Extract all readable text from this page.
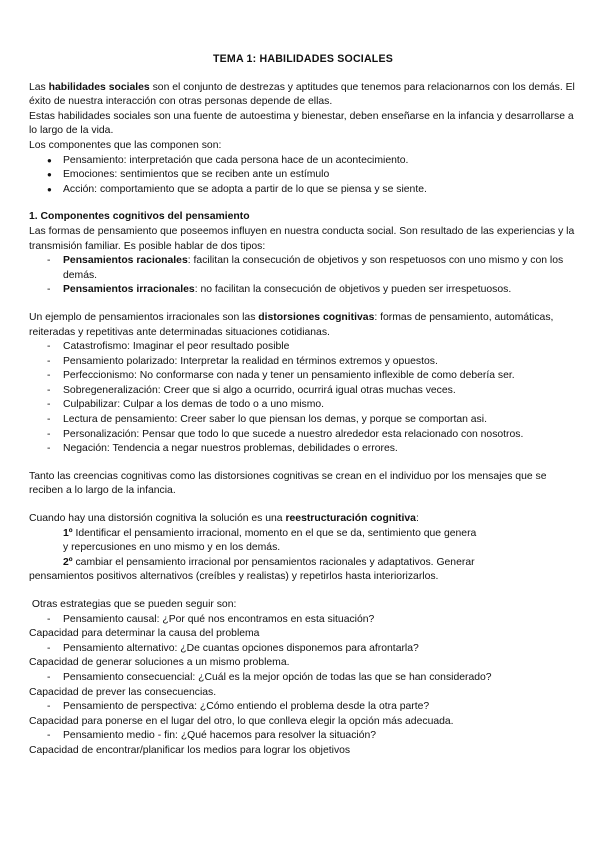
TEMA 1: HABILIDADES SOCIALES

Las habilidades sociales son el conjunto de destrezas y aptitudes que tenemos para relacionarnos con los demás. El éxito de nuestra interacción con otras personas depende de ellas.

Estas habilidades sociales son una fuente de autoestima y bienestar, deben enseñarse en la infancia y desarrollarse a lo largo de la vida.

Los componentes que las componen son:

● Pensamiento: interpretación que cada persona hace de un acontecimiento.
● Emociones: sentimientos que se reciben ante un estímulo
● Acción: comportamiento que se adopta a partir de lo que se piensa y se siente.

1. Componentes cognitivos del pensamiento

Las formas de pensamiento que poseemos influyen en nuestra conducta social. Son resultado de las experiencias y la transmisión familiar. Es posible hablar de dos tipos:

- Pensamientos racionales: facilitan la consecución de objetivos y son respetuosos con uno mismo y con los demás.
- Pensamientos irracionales: no facilitan la consecución de objetivos y pueden ser irrespetuosos.

Un ejemplo de pensamientos irracionales son las distorsiones cognitivas: formas de pensamiento, automáticas, reiteradas y repetitivas ante determinadas situaciones cotidianas.

- Catastrofismo: Imaginar el peor resultado posible
- Pensamiento polarizado: Interpretar la realidad en términos extremos y opuestos.
- Perfeccionismo: No conformarse con nada y tener un pensamiento inflexible de como debería ser.
- Sobregeneralización: Creer que si algo a ocurrido, ocurrirá igual otras muchas veces.
- Culpabilizar: Culpar a los demas de todo o a uno mismo.
- Lectura de pensamiento: Creer saber lo que piensan los demas, y porque se comportan asi.
- Personalización: Pensar que todo lo que sucede a nuestro alrededor esta relacionado con nosotros.
- Negación: Tendencia a negar nuestros problemas, debilidades o errores.

Tanto las creencias cognitivas como las distorsiones cognitivas se crean en el individuo por los mensajes que se reciben a lo largo de la infancia.

Cuando hay una distorsión cognitiva la solución es una reestructuración cognitiva:

1º Identificar el pensamiento irracional, momento en el que se da, sentimiento que genera
y repercusiones en uno mismo y en los demás.
2º cambiar el pensamiento irracional por pensamientos racionales y adaptativos. Generar
pensamientos positivos alternativos (creíbles y realistas) y repetirlos hasta interiorizarlos.

Otras estrategias que se pueden seguir son:

- Pensamiento causal: ¿Por qué nos encontramos en esta situación?

Capacidad para determinar la causa del problema

- Pensamiento alternativo: ¿De cuantas opciones disponemos para afrontarla?

Capacidad de generar soluciones a un mismo problema.

- Pensamiento consecuencial: ¿Cuál es la mejor opción de todas las que se han considerado?

Capacidad de prever las consecuencias.

- Pensamiento de perspectiva: ¿Cómo entiendo el problema desde la otra parte?

Capacidad para ponerse en el lugar del otro, lo que conlleva elegir la opción más adecuada.

- Pensamiento medio - fin: ¿Qué hacemos para resolver la situación?

Capacidad de encontrar/planificar los medios para lograr los objetivos
